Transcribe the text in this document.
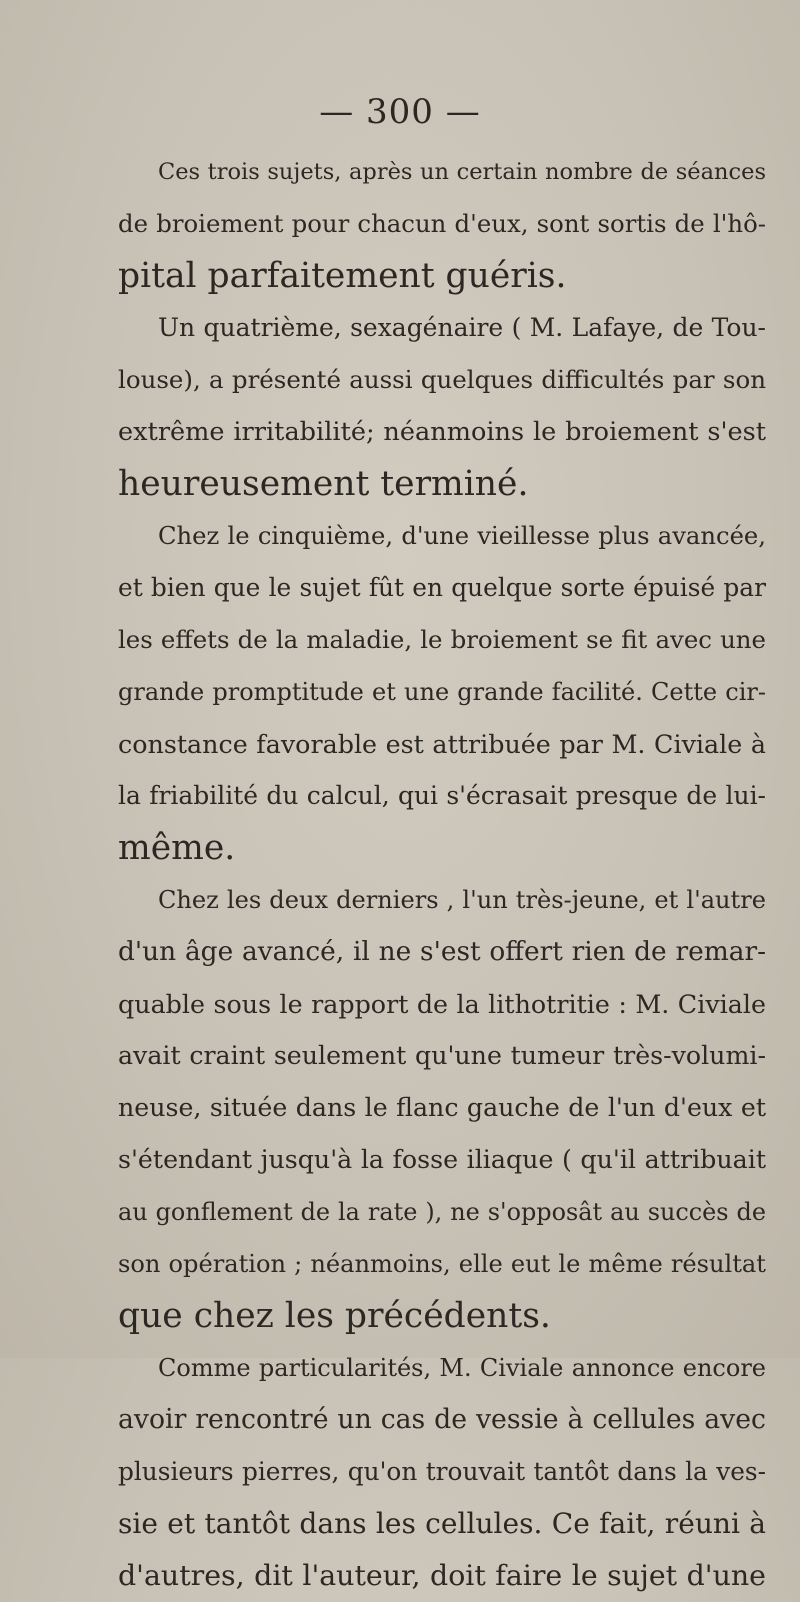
— 300 —
Ces trois sujets, après un certain nombre de séances
de broiement pour chacun d'eux, sont sortis de l'hô-
pital parfaitement guéris.
Un quatrième, sexagénaire ( M. Lafaye, de Tou-
louse), a présenté aussi quelques difficultés par son
extrême irritabilité; néanmoins le broiement s'est
heureusement terminé.
Chez le cinquième, d'une vieillesse plus avancée,
et bien que le sujet fût en quelque sorte épuisé par
les effets de la maladie, le broiement se fit avec une
grande promptitude et une grande facilité. Cette cir-
constance favorable est attribuée par M. Civiale à
la friabilité du calcul, qui s'écrasait presque de lui-
même.
Chez les deux derniers , l'un très-jeune, et l'autre
d'un âge avancé, il ne s'est offert rien de remar-
quable sous le rapport de la lithotritie : M. Civiale
avait craint seulement qu'une tumeur très-volumi-
neuse, située dans le flanc gauche de l'un d'eux et
s'étendant jusqu'à la fosse iliaque ( qu'il attribuait
au gonflement de la rate ), ne s'opposât au succès de
son opération ; néanmoins, elle eut le même résultat
que chez les précédents.
Comme particularités, M. Civiale annonce encore
avoir rencontré un cas de vessie à cellules avec
plusieurs pierres, qu'on trouvait tantôt dans la ves-
sie et tantôt dans les cellules. Ce fait, réuni à
d'autres, dit l'auteur, doit faire le sujet d'une
